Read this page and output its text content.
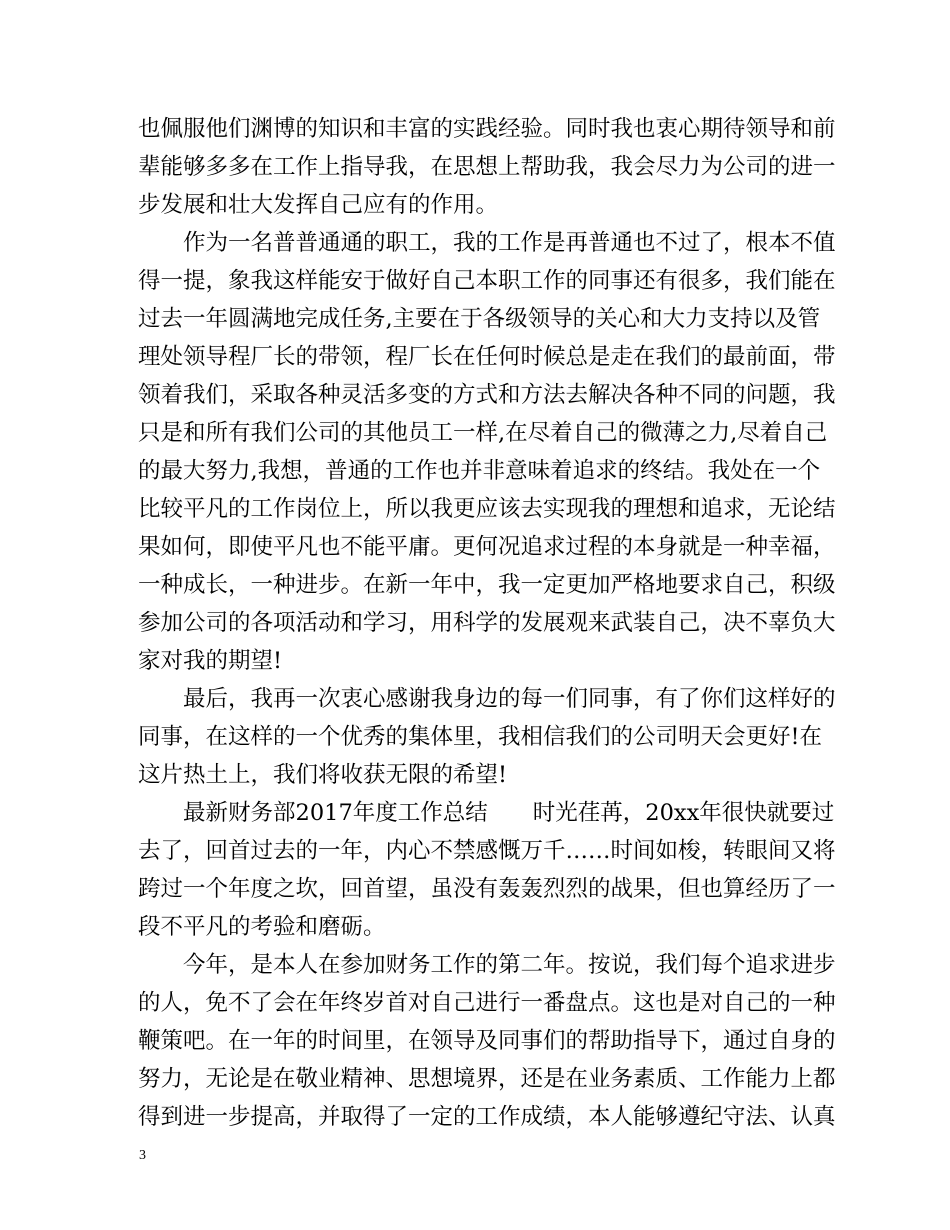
也佩服他们渊博的知识和丰富的实践经验。同时我也衷心期待领导和前
辈能够多多在工作上指导我，在思想上帮助我，我会尽力为公司的进一
步发展和壮大发挥自己应有的作用。
　　作为一名普普通通的职工，我的工作是再普通也不过了，根本不值
得一提，象我这样能安于做好自己本职工作的同事还有很多，我们能在
过去一年圆满地完成任务,主要在于各级领导的关心和大力支持以及管
理处领导程厂长的带领，程厂长在任何时候总是走在我们的最前面，带
领着我们，采取各种灵活多变的方式和方法去解决各种不同的问题，我
只是和所有我们公司的其他员工一样,在尽着自己的微薄之力,尽着自己
的最大努力,我想，普通的工作也并非意味着追求的终结。我处在一个
比较平凡的工作岗位上，所以我更应该去实现我的理想和追求，无论结
果如何，即使平凡也不能平庸。更何况追求过程的本身就是一种幸福，
一种成长，一种进步。在新一年中，我一定更加严格地要求自己，积级
参加公司的各项活动和学习，用科学的发展观来武装自己，决不辜负大
家对我的期望!
　　最后，我再一次衷心感谢我身边的每一们同事，有了你们这样好的
同事，在这样的一个优秀的集体里，我相信我们的公司明天会更好!在
这片热土上，我们将收获无限的希望!
　　最新财务部2017年度工作总结　　时光荏苒，20xx年很快就要过
去了，回首过去的一年，内心不禁感慨万千……时间如梭，转眼间又将
跨过一个年度之坎，回首望，虽没有轰轰烈烈的战果，但也算经历了一
段不平凡的考验和磨砺。
　　今年，是本人在参加财务工作的第二年。按说，我们每个追求进步
的人，免不了会在年终岁首对自己进行一番盘点。这也是对自己的一种
鞭策吧。在一年的时间里，在领导及同事们的帮助指导下，通过自身的
努力，无论是在敬业精神、思想境界，还是在业务素质、工作能力上都
得到进一步提高，并取得了一定的工作成绩，本人能够遵纪守法、认真
3
